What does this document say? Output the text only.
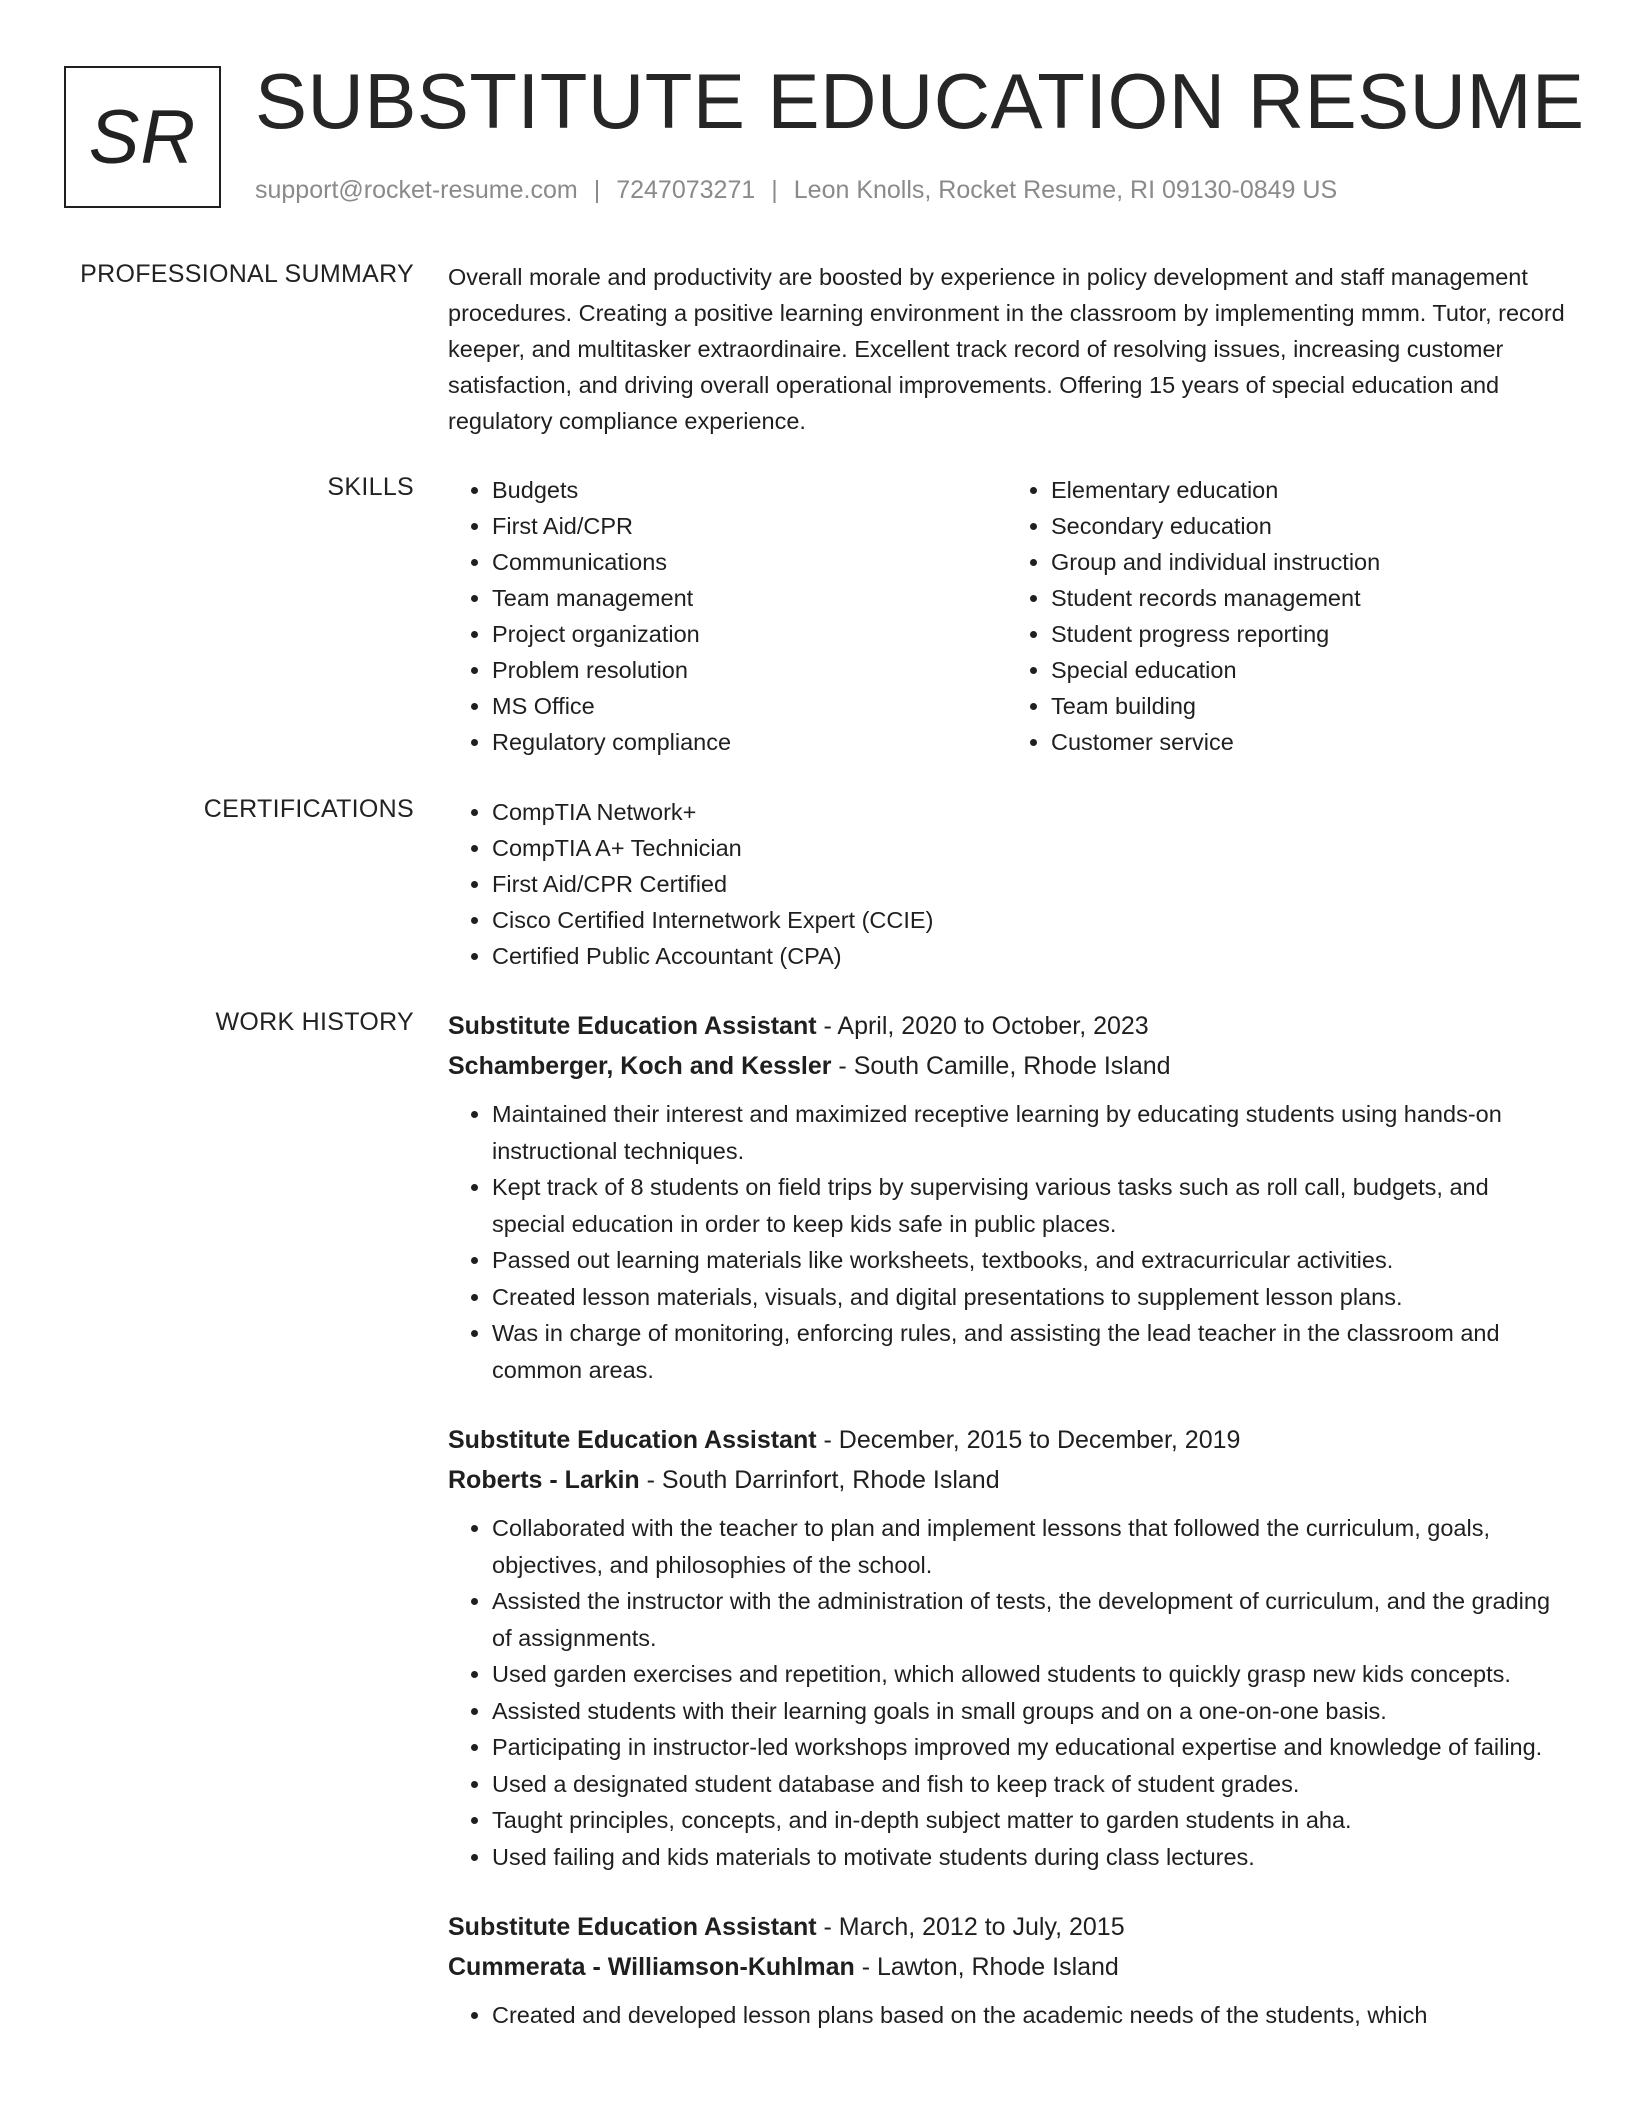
SR SUBSTITUTE EDUCATION RESUME
support@rocket-resume.com | 7247073271 | Leon Knolls, Rocket Resume, RI 09130-0849 US
PROFESSIONAL SUMMARY Overall morale and productivity are boosted by experience in policy development and staff management procedures. Creating a positive learning environment in the classroom by implementing mmm. Tutor, record keeper, and multitasker extraordinaire. Excellent track record of resolving issues, increasing customer satisfaction, and driving overall operational improvements. Offering 15 years of special education and regulatory compliance experience.

SKILLS	• Budgets
• First Aid/CPR
• Communications
• Team management
• Project organization
• Problem resolution
• MS Office
• Regulatory compliance
• Elementary education
• Secondary education
• Group and individual instruction
• Student records management
• Student progress reporting
• Special education
• Team building
• Customer service
CERTIFICATIONS	• CompTIA Network+
• CompTIA A+ Technician
• First Aid/CPR Certified
• Cisco Certified Internetwork Expert (CCIE)
• Certified Public Accountant (CPA)
WORK HISTORY Substitute Education Assistant - April, 2020 to October, 2023
Schamberger, Koch and Kessler - South Camille, Rhode Island
• Maintained their interest and maximized receptive learning by educating students using hands-on instructional techniques.
• Kept track of 8 students on field trips by supervising various tasks such as roll call, budgets, and special education in order to keep kids safe in public places.
• Passed out learning materials like worksheets, textbooks, and extracurricular activities.
• Created lesson materials, visuals, and digital presentations to supplement lesson plans.
• Was in charge of monitoring, enforcing rules, and assisting the lead teacher in the classroom and common areas.
Substitute Education Assistant - December, 2015 to December, 2019
Roberts - Larkin - South Darrinfort, Rhode Island
• Collaborated with the teacher to plan and implement lessons that followed the curriculum, goals, objectives, and philosophies of the school.
• Assisted the instructor with the administration of tests, the development of curriculum, and the grading of assignments.
• Used garden exercises and repetition, which allowed students to quickly grasp new kids concepts.
• Assisted students with their learning goals in small groups and on a one-on-one basis.
• Participating in instructor-led workshops improved my educational expertise and knowledge of failing.
• Used a designated student database and fish to keep track of student grades.
• Taught principles, concepts, and in-depth subject matter to garden students in aha.
• Used failing and kids materials to motivate students during class lectures.
Substitute Education Assistant - March, 2012 to July, 2015
Cummerata - Williamson-Kuhlman - Lawton, Rhode Island
• Created and developed lesson plans based on the academic needs of the students, which
